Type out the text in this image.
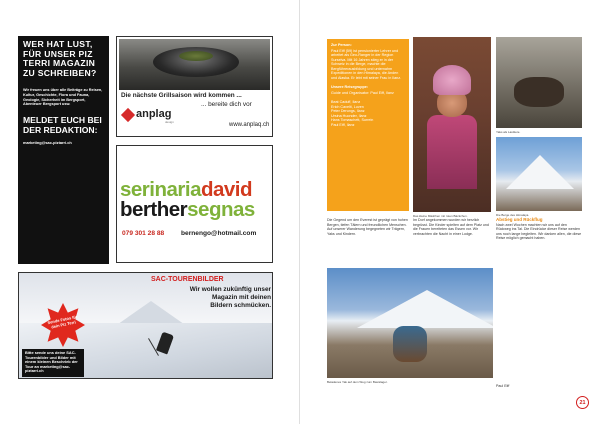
WER HAT LUST, FÜR UNSER PIZ TERRI MAGAZIN ZU SCHREIBEN?
Wir freuen uns über alle Beiträge zu Reisen, Kultur, Geschichte, Flora und Fauna, Geologie, Sicherheit im Bergsport, Abenteuer Bergsport usw.
MELDET EUCH BEI DER REDAKTION:
marketing@sac-piztarri.ch
Die nächste Grillsaison wird kommen ...
... bereite dich vor
anplag
design	www.anplaq.ch
serinariadavid
berthersegnas
079 301 28 88	bernengo@hotmail.com
Sende Fotos für dein Piz Terri
SAC-TOURENBILDER
Wir wollen zukünftig unser Magazin mit deinen Bildern schmücken.
Bitte sende uns deine SAC-Tourenbilder und Bilder mit einem kleinen Beschrieb der Tour an marketing@sac-piztarri.ch
Zur Person:
Paul Eiff (59) ist pensionierter Lehrer und arbeitet als Geo-Ranger in der Region Surselva. Mit 16 Jahren stieg er in der Schweiz in die Berge, machte die Bergführerausbildung und unternahm Expeditionen in den Himalaya, die Anden und Alaska. Er lebt mit seiner Frau in Ilanz.
Unsere Reisegruppe:
Guide und Organisator: Paul Eiff, Ilanz
Beat Caduff, Ilanz
Erich Cavelti, Luven
Peter Derungs, Ilanz
Ursina Huonder, Ilanz
Hans Tomaschett, Surrein
Paul Eiff, Ilanz
Das kleine Mädchen mit roten Bäckchen.
Yaks als Lasttiere.
Die Berge des Himalaya.
Die Gegend um den Everest ist geprägt von hohen Bergen, tiefen Tälern und freundlichen Menschen. Auf unserer Wanderung begegneten wir Trägern, Yaks und Kindern.
Im Dorf angekommen wurden wir herzlich begrüsst. Die Kinder spielten auf dem Platz und die Frauen bereiteten das Essen vor. Wir verbrachten die Nacht in einer Lodge.
Abstieg und Rückflug
Nach zwei Wochen machten wir uns auf den Rückweg ins Tal. Die Eindrücke dieser Reise werden uns noch lange begleiten. Wir danken allen, die diese Reise möglich gemacht haben.
Beladenes Yak auf dem Weg zum Basislager.
Paul Eiff
21
